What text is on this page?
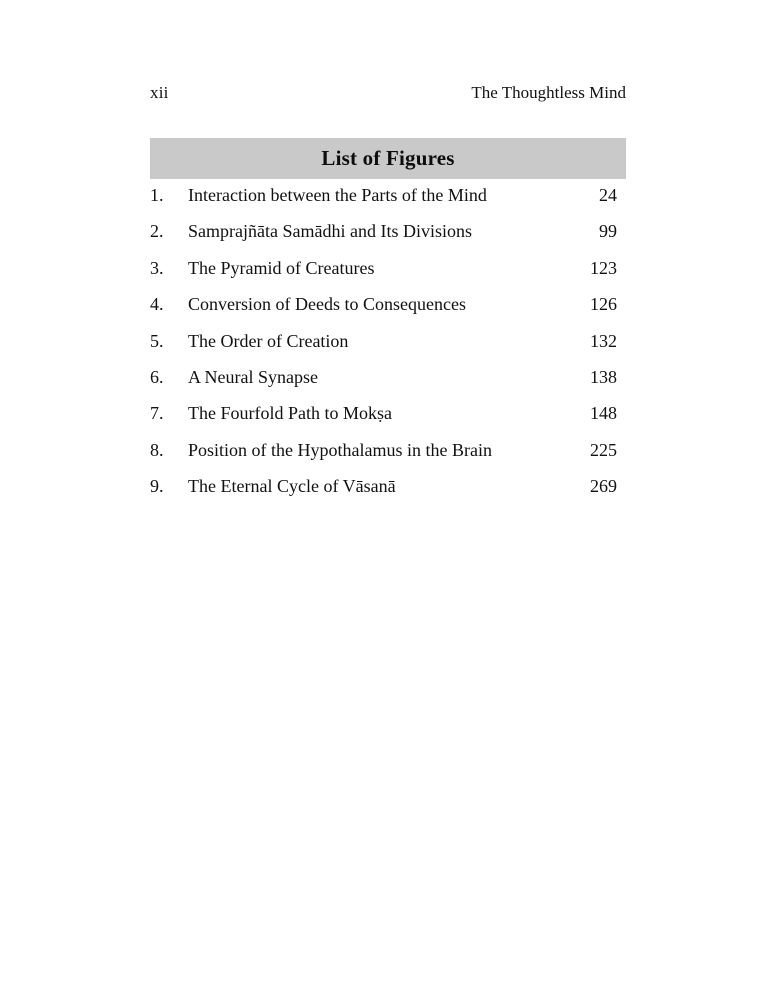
xii	The Thoughtless Mind
List of Figures
1.	Interaction between the Parts of the Mind	24
2.	Samprajñāta Samādhi and Its Divisions	99
3.	The Pyramid of Creatures	123
4.	Conversion of Deeds to Consequences	126
5.	The Order of Creation	132
6.	A Neural Synapse	138
7.	The Fourfold Path to Mokṣa	148
8.	Position of the Hypothalamus in the Brain	225
9.	The Eternal Cycle of Vāsanā	269
